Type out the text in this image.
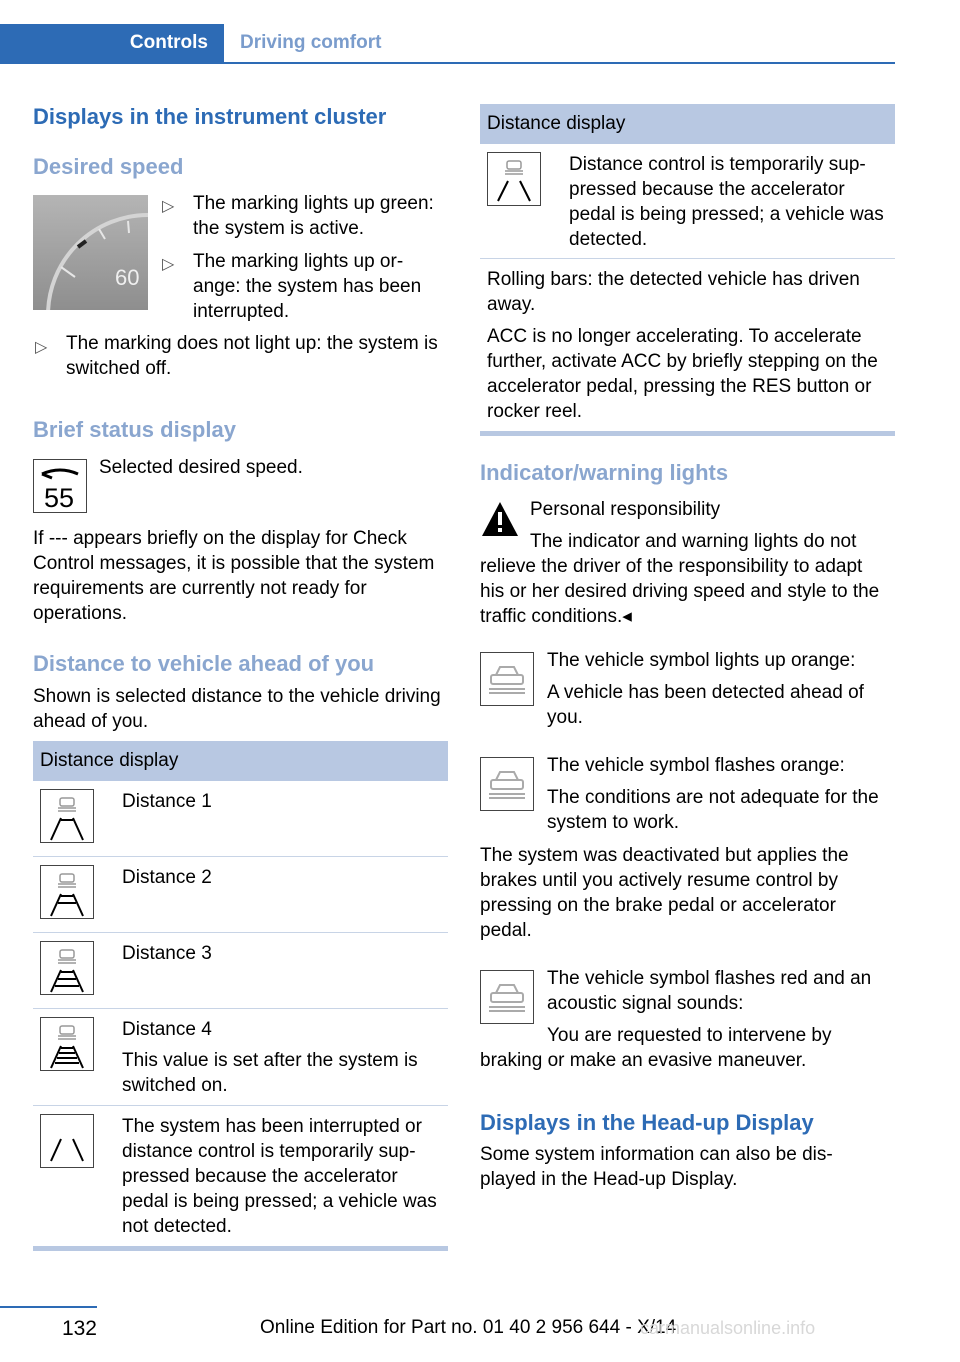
Controls	Driving comfort
Displays in the instrument cluster
Desired speed
60
▷ The marking lights up green: the system is active.
▷ The marking lights up orange: the system has been interrupted.
▷ The marking does not light up: the system is switched off.
Brief status display
55
Selected desired speed.
If --- appears briefly on the display for Check Control messages, it is possible that the system requirements are currently not ready for operations.
Distance to vehicle ahead of you
Shown is selected distance to the vehicle driving ahead of you.
Distance display
Distance 1
Distance 2
Distance 3
Distance 4
This value is set after the system is switched on.
The system has been interrupted or distance control is temporarily suppressed because the accelerator pedal is being pressed; a vehicle was not detected.
Distance display
Distance control is temporarily suppressed because the accelerator pedal is being pressed; a vehicle was detected.
Rolling bars: the detected vehicle has driven away.
ACC is no longer accelerating. To accelerate further, activate ACC by briefly stepping on the accelerator pedal, pressing the RES button or rocker reel.
Indicator/warning lights
Personal responsibility
The indicator and warning lights do not relieve the driver of the responsibility to adapt his or her desired driving speed and style to the traffic conditions.◂
The vehicle symbol lights up orange:
A vehicle has been detected ahead of you.
The vehicle symbol flashes orange:
The conditions are not adequate for the system to work.
The system was deactivated but applies the brakes until you actively resume control by pressing on the brake pedal or accelerator pedal.
The vehicle symbol flashes red and an acoustic signal sounds:
You are requested to intervene by braking or make an evasive maneuver.
Displays in the Head-up Display
Some system information can also be displayed in the Head-up Display.
132	Online Edition for Part no. 01 40 2 956 644 - X/14
carmanualsonline.info
